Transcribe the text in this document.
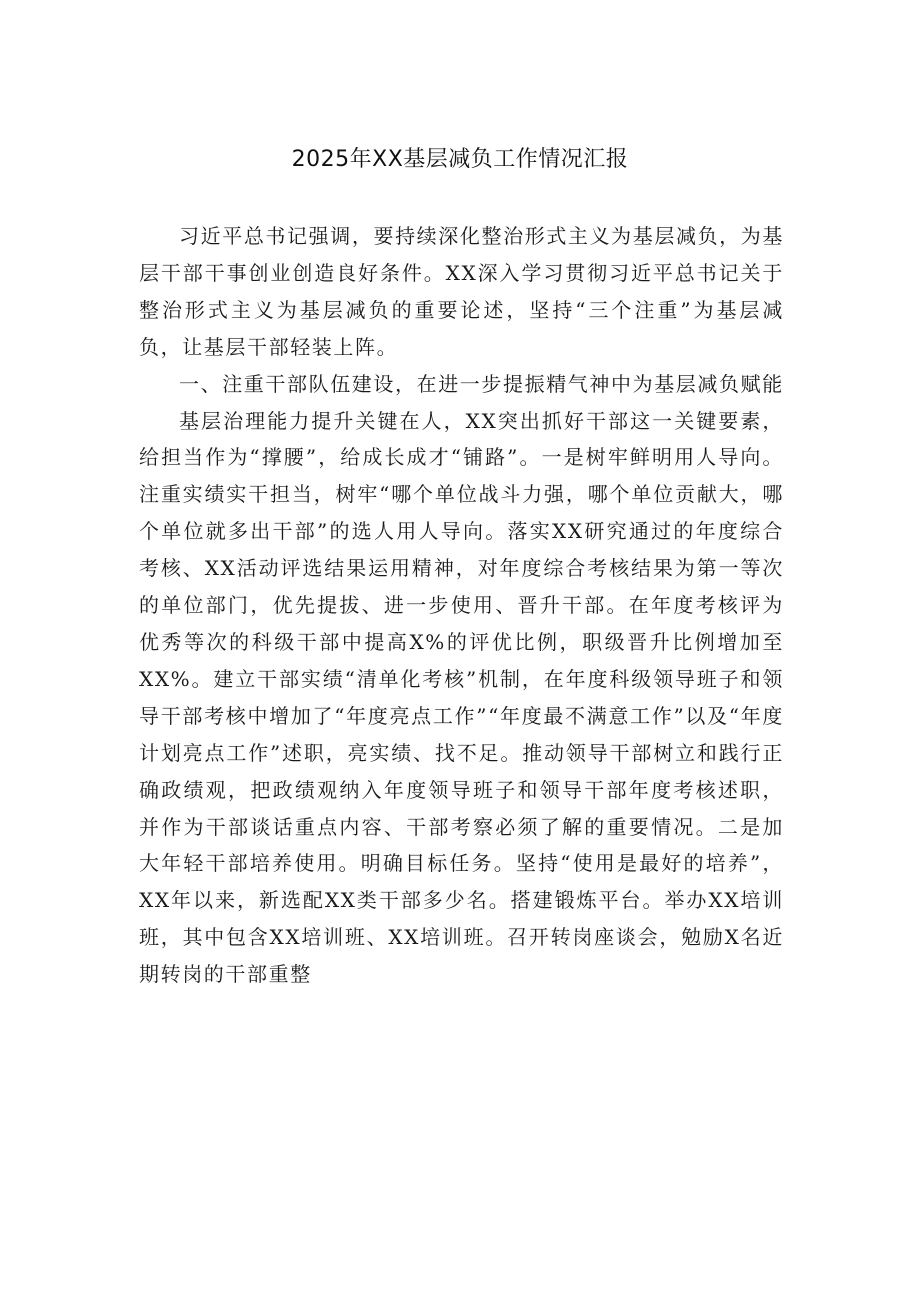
2025年XX基层减负工作情况汇报

习近平总书记强调，要持续深化整治形式主义为基层减负，为基层干部干事创业创造良好条件。XX深入学习贯彻习近平总书记关于整治形式主义为基层减负的重要论述，坚持“三个注重”为基层减负，让基层干部轻装上阵。

一、注重干部队伍建设，在进一步提振精气神中为基层减负赋能

基层治理能力提升关键在人，XX突出抓好干部这一关键要素，给担当作为“撑腰”，给成长成才“铺路”。一是树牢鲜明用人导向。注重实绩实干担当，树牢“哪个单位战斗力强，哪个单位贡献大，哪个单位就多出干部”的选人用人导向。落实XX研究通过的年度综合考核、XX活动评选结果运用精神，对年度综合考核结果为第一等次的单位部门，优先提拔、进一步使用、晋升干部。在年度考核评为优秀等次的科级干部中提高X%的评优比例，职级晋升比例增加至XX%。建立干部实绩“清单化考核”机制，在年度科级领导班子和领导干部考核中增加了“年度亮点工作”“年度最不满意工作”以及“年度计划亮点工作”述职，亮实绩、找不足。推动领导干部树立和践行正确政绩观，把政绩观纳入年度领导班子和领导干部年度考核述职，并作为干部谈话重点内容、干部考察必须了解的重要情况。二是加大年轻干部培养使用。明确目标任务。坚持“使用是最好的培养”，XX年以来，新选配XX类干部多少名。搭建锻炼平台。举办XX培训班，其中包含XX培训班、XX培训班。召开转岗座谈会，勉励X名近期转岗的干部重整
